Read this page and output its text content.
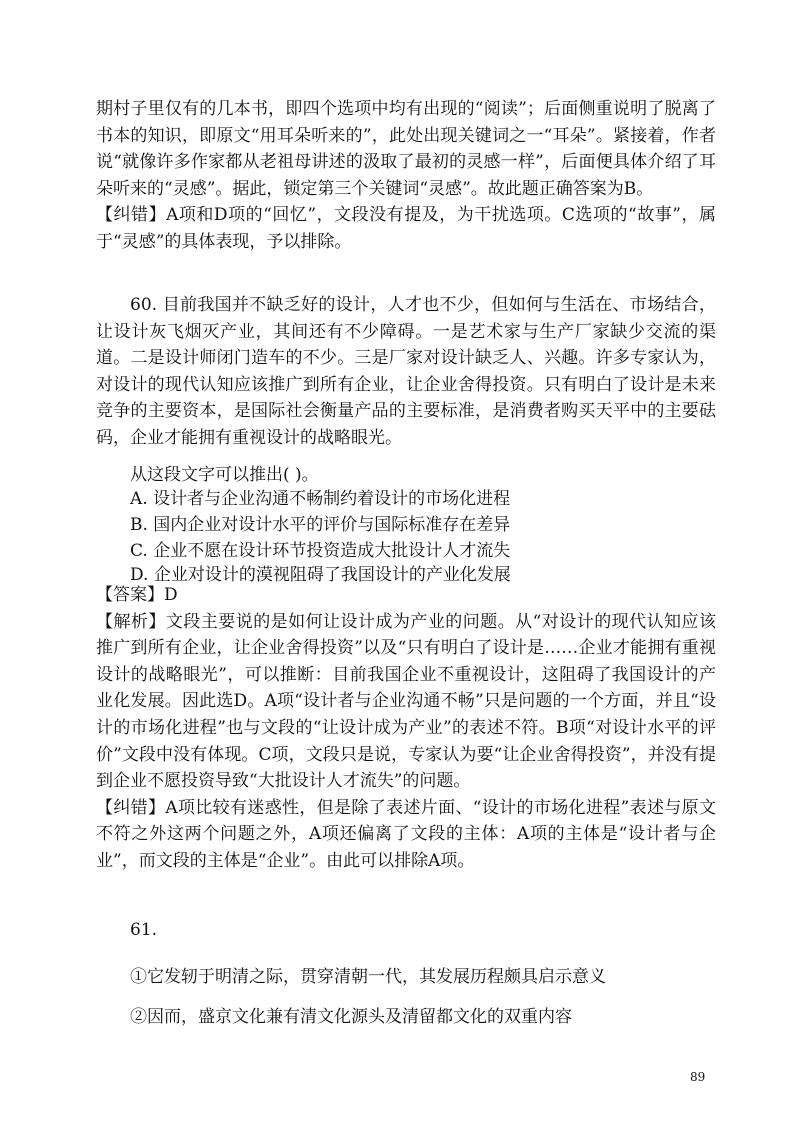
期村子里仅有的几本书，即四个选项中均有出现的“阅读”；后面侧重说明了脱离了书本的知识，即原文“用耳朵听来的”，此处出现关键词之一“耳朵”。紧接着，作者说“就像许多作家都从老祖母讲述的汲取了最初的灵感一样”，后面便具体介绍了耳朵听来的“灵感”。据此，锁定第三个关键词“灵感”。故此题正确答案为B。

【纠错】A项和D项的“回忆”，文段没有提及，为干扰选项。C选项的“故事”，属于“灵感”的具体表现，予以排除。

60. 目前我国并不缺乏好的设计，人才也不少，但如何与生活在、市场结合，让设计灰飞烟灭产业，其间还有不少障碍。一是艺术家与生产厂家缺少交流的渠道。二是设计师闭门造车的不少。三是厂家对设计缺乏人、兴趣。许多专家认为，对设计的现代认知应该推广到所有企业，让企业舍得投资。只有明白了设计是未来竞争的主要资本，是国际社会衡量产品的主要标准，是消费者购买天平中的主要砝码，企业才能拥有重视设计的战略眼光。

从这段文字可以推出( )。
A. 设计者与企业沟通不畅制约着设计的市场化进程
B. 国内企业对设计水平的评价与国际标准存在差异
C. 企业不愿在设计环节投资造成大批设计人才流失
D. 企业对设计的漠视阻碍了我国设计的产业化发展

【答案】D

【解析】文段主要说的是如何让设计成为产业的问题。从“对设计的现代认知应该推广到所有企业，让企业舍得投资”以及“只有明白了设计是……企业才能拥有重视设计的战略眼光”，可以推断：目前我国企业不重视设计，这阻碍了我国设计的产业化发展。因此选D。A项“设计者与企业沟通不畅”只是问题的一个方面，并且“设计的市场化进程”也与文段的“让设计成为产业”的表述不符。B项“对设计水平的评价”文段中没有体现。C项，文段只是说，专家认为要“让企业舍得投资”，并没有提到企业不愿投资导致“大批设计人才流失”的问题。

【纠错】A项比较有迷惑性，但是除了表述片面、“设计的市场化进程”表述与原文不符之外这两个问题之外，A项还偏离了文段的主体：A项的主体是“设计者与企业”，而文段的主体是“企业”。由此可以排除A项。

61.
①它发轫于明清之际，贯穿清朝一代，其发展历程颇具启示意义
②因而，盛京文化兼有清文化源头及清留都文化的双重内容
89
